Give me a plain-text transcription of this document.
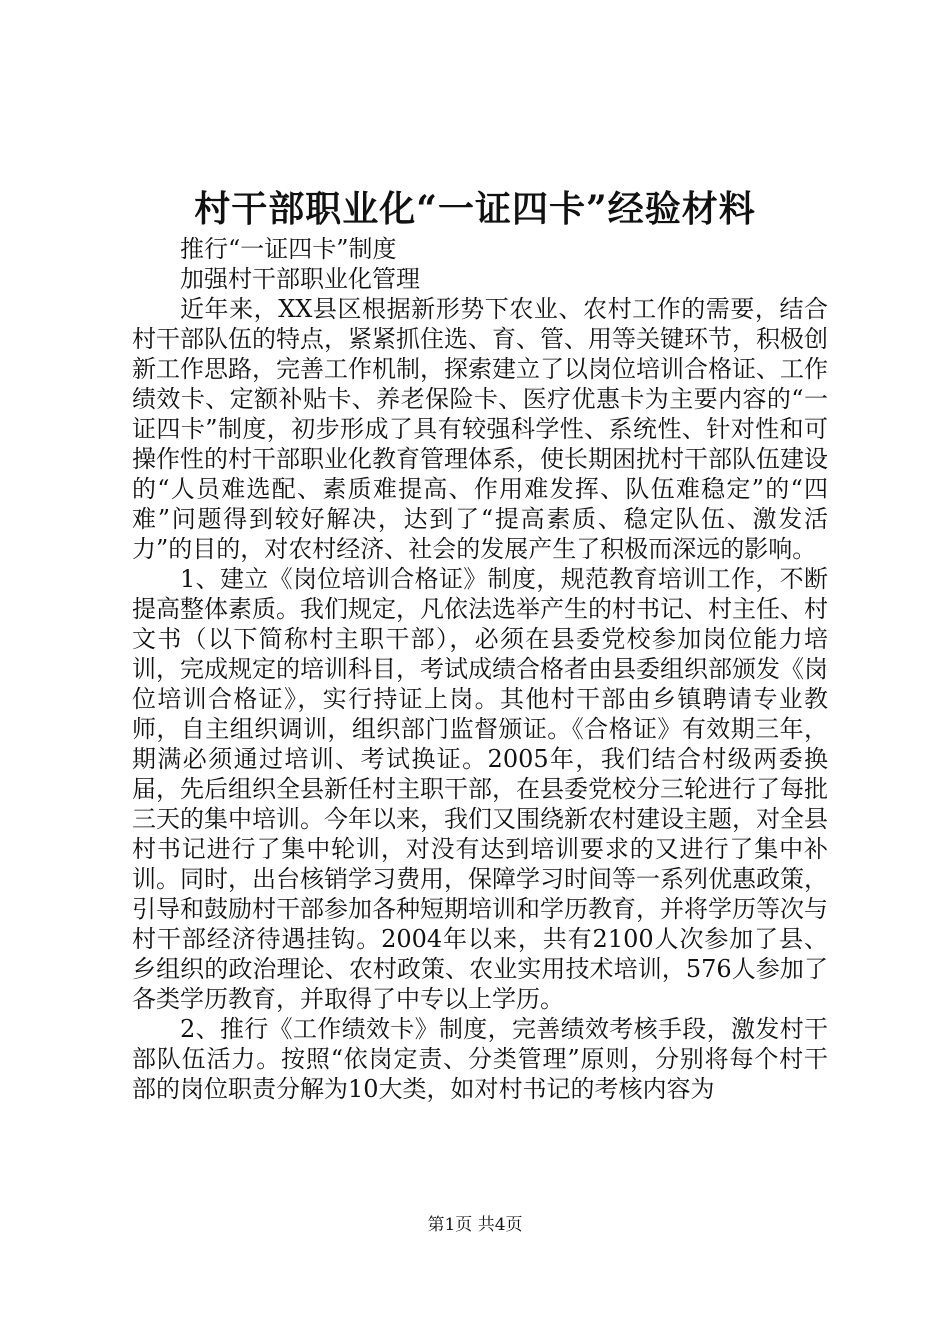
村干部职业化“一证四卡”经验材料

推行“一证四卡”制度

加强村干部职业化管理

近年来，XX县区根据新形势下农业、农村工作的需要，结合村干部队伍的特点，紧紧抓住选、育、管、用等关键环节，积极创新工作思路，完善工作机制，探索建立了以岗位培训合格证、工作绩效卡、定额补贴卡、养老保险卡、医疗优惠卡为主要内容的“一证四卡”制度，初步形成了具有较强科学性、系统性、针对性和可操作性的村干部职业化教育管理体系，使长期困扰村干部队伍建设的“人员难选配、素质难提高、作用难发挥、队伍难稳定”的“四难”问题得到较好解决，达到了“提高素质、稳定队伍、激发活力”的目的，对农村经济、社会的发展产生了积极而深远的影响。

1、建立《岗位培训合格证》制度，规范教育培训工作，不断提高整体素质。我们规定，凡依法选举产生的村书记、村主任、村文书（以下简称村主职干部），必须在县委党校参加岗位能力培训，完成规定的培训科目，考试成绩合格者由县委组织部颁发《岗位培训合格证》，实行持证上岗。其他村干部由乡镇聘请专业教师，自主组织调训，组织部门监督颁证。《合格证》有效期三年，期满必须通过培训、考试换证。2005年，我们结合村级两委换届，先后组织全县新任村主职干部，在县委党校分三轮进行了每批三天的集中培训。今年以来，我们又围绕新农村建设主题，对全县村书记进行了集中轮训，对没有达到培训要求的又进行了集中补训。同时，出台核销学习费用，保障学习时间等一系列优惠政策，引导和鼓励村干部参加各种短期培训和学历教育，并将学历等次与村干部经济待遇挂钩。2004年以来，共有2100人次参加了县、乡组织的政治理论、农村政策、农业实用技术培训，576人参加了各类学历教育，并取得了中专以上学历。

2、推行《工作绩效卡》制度，完善绩效考核手段，激发村干部队伍活力。按照“依岗定责、分类管理”原则，分别将每个村干部的岗位职责分解为10大类，如对村书记的考核内容为

第1页 共4页
